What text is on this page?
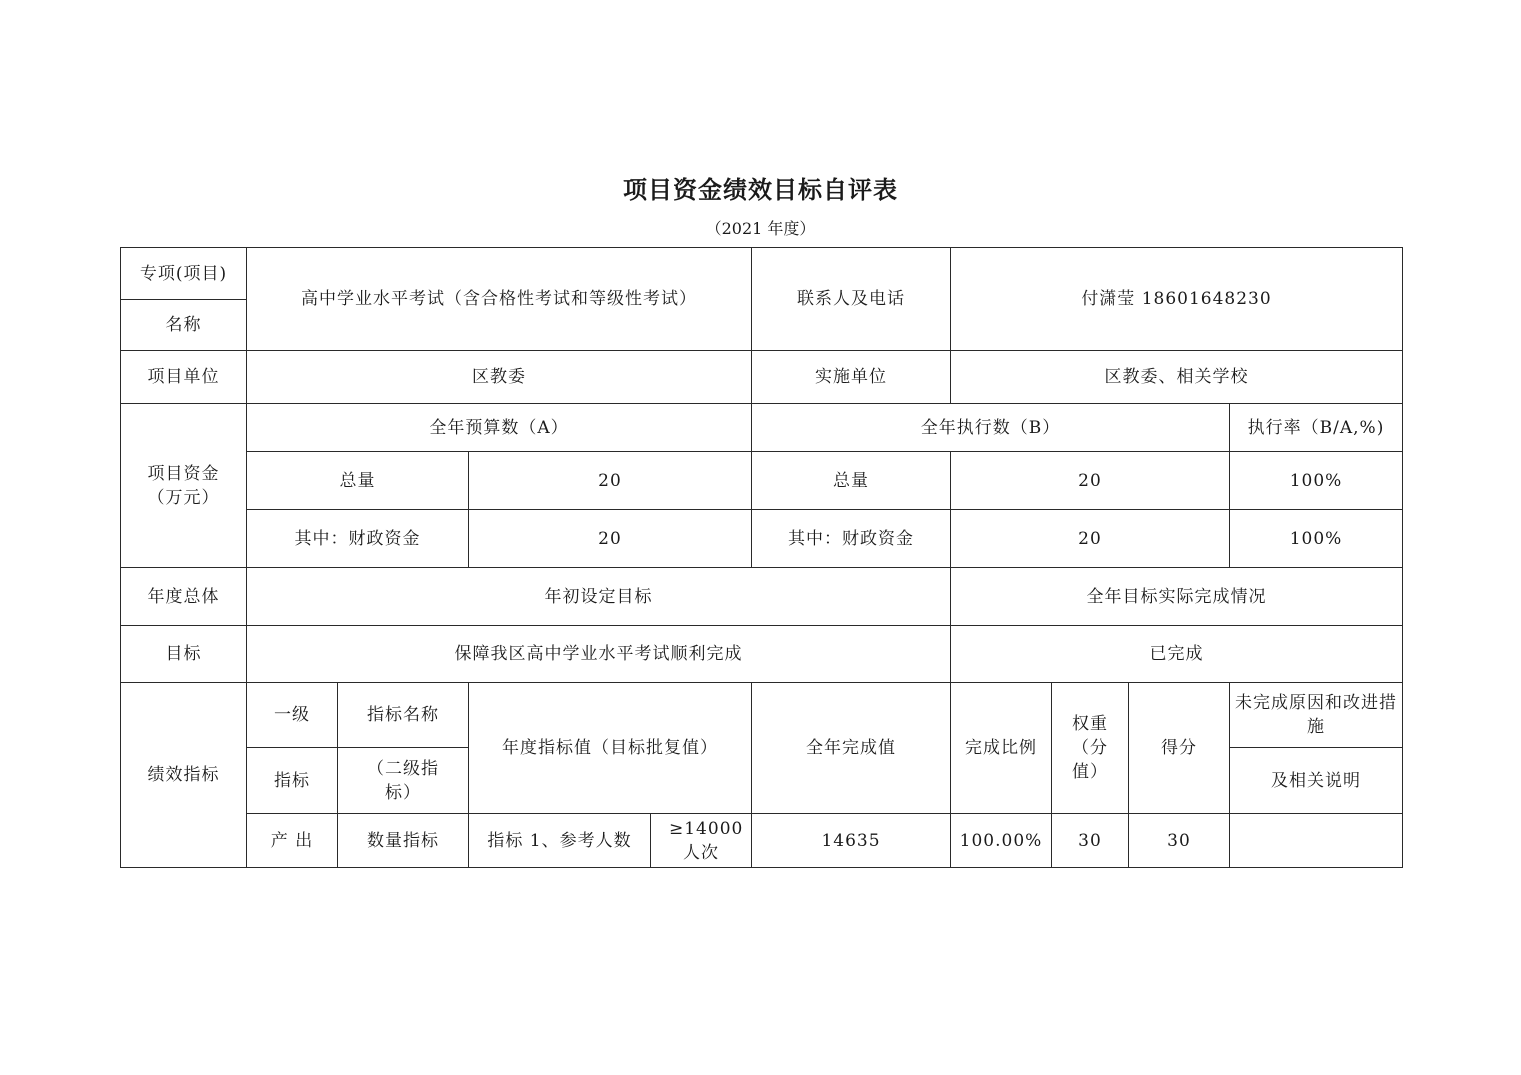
项目资金绩效目标自评表
（2021 年度）
专项(项目)	高中学业水平考试（含合格性考试和等级性考试）				联系人及电话	付潇莹 18601648230			
名称									
项目单位	区教委				实施单位	区教委、相关学校			

项目资金
（万元）	全年预算数（A）				全年执行数（B）				执行率（B/A,%)
	总量		20		总量	20			100%
	其中：财政资金		20		其中：财政资金	20			100%
年度总体	年初设定目标					全年目标实际完成情况			
目标	保障我区高中学业水平考试顺利完成					已完成			
绩效指标	一级	指标名称	年度指标值（目标批复值）		全年完成值	完成比例	权重（分值）	得分	未完成原因和改进措施
	指标	（二级指标）							及相关说明
	产 出	数量指标	指标 1、参考人数	≥14000 人次	14635	100.00%	30	30	
